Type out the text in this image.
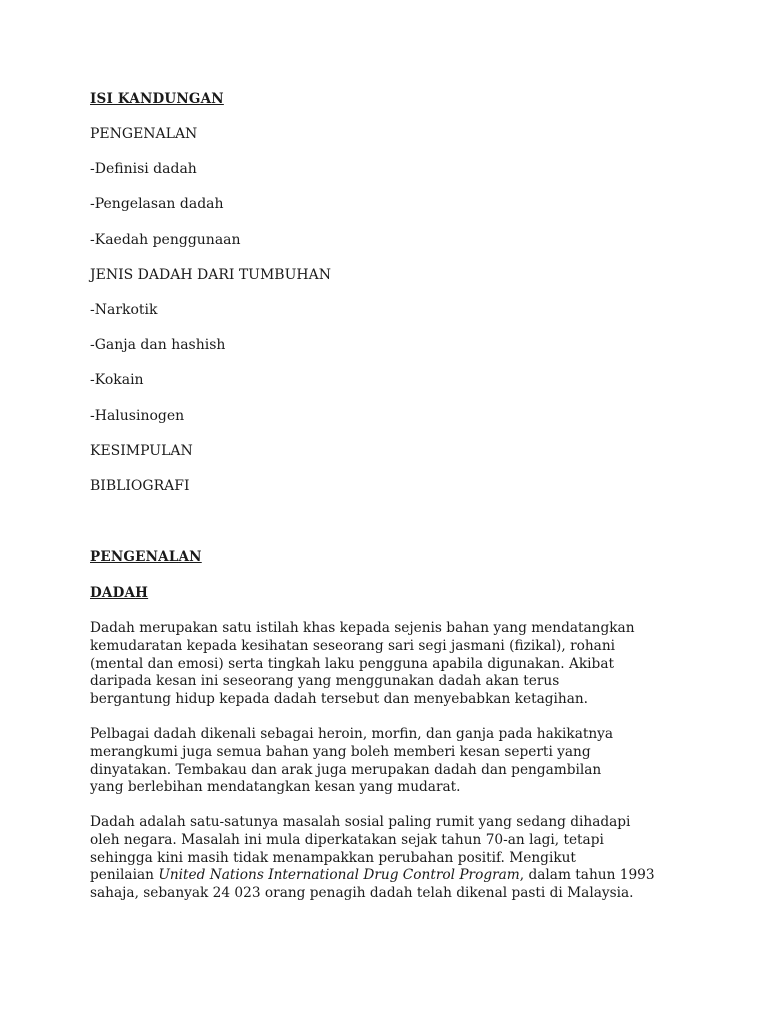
ISI KANDUNGAN
PENGENALAN
-Definisi dadah
-Pengelasan dadah
-Kaedah penggunaan
JENIS DADAH DARI TUMBUHAN
-Narkotik
-Ganja dan hashish
-Kokain
-Halusinogen
KESIMPULAN
BIBLIOGRAFI
PENGENALAN
DADAH

Dadah merupakan satu istilah khas kepada sejenis bahan yang mendatangkan
kemudaratan kepada kesihatan seseorang sari segi jasmani (fizikal), rohani
(mental dan emosi) serta tingkah laku pengguna apabila digunakan. Akibat
daripada kesan ini seseorang yang menggunakan dadah akan terus
bergantung hidup kepada dadah tersebut dan menyebabkan ketagihan.

Pelbagai dadah dikenali sebagai heroin, morfin, dan ganja pada hakikatnya
merangkumi juga semua bahan yang boleh memberi kesan seperti yang
dinyatakan. Tembakau dan arak juga merupakan dadah dan pengambilan
yang berlebihan mendatangkan kesan yang mudarat.

Dadah adalah satu-satunya masalah sosial paling rumit yang sedang dihadapi
oleh negara. Masalah ini mula diperkatakan sejak tahun 70-an lagi, tetapi
sehingga kini masih tidak menampakkan perubahan positif. Mengikut
penilaian United Nations International Drug Control Program, dalam tahun 1993
sahaja, sebanyak 24 023 orang penagih dadah telah dikenal pasti di Malaysia.
